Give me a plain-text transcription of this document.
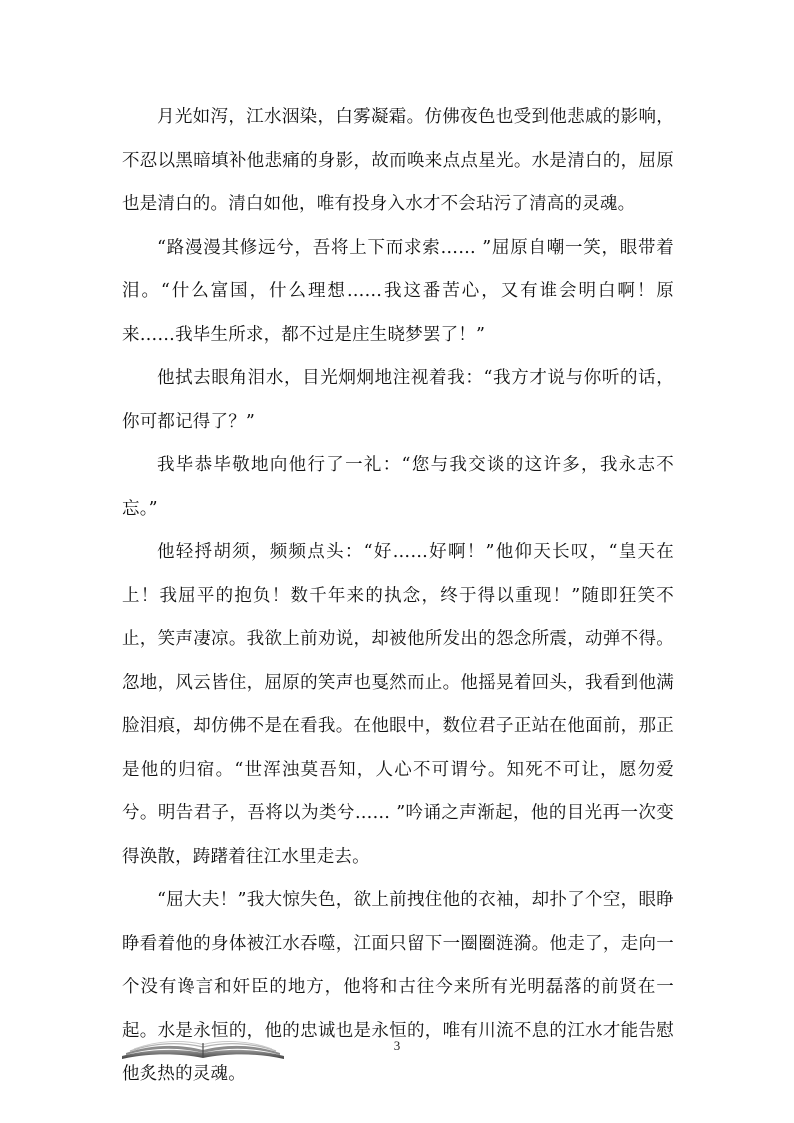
月光如泻，江水洇染，白雾凝霜。仿佛夜色也受到他悲戚的影响，不忍以黑暗填补他悲痛的身影，故而唤来点点星光。水是清白的，屈原也是清白的。清白如他，唯有投身入水才不会玷污了清高的灵魂。

“路漫漫其修远兮，吾将上下而求索…… ”屈原自嘲一笑，眼带着泪。“什么富国，什么理想……我这番苦心，又有谁会明白啊！原来……我毕生所求，都不过是庄生晓梦罢了！”

他拭去眼角泪水，目光炯炯地注视着我：“我方才说与你听的话，你可都记得了？”

我毕恭毕敬地向他行了一礼：“您与我交谈的这许多，我永志不忘。”

他轻捋胡须，频频点头：“好……好啊！”他仰天长叹，“皇天在上！我屈平的抱负！数千年来的执念，终于得以重现！”随即狂笑不止，笑声凄凉。我欲上前劝说，却被他所发出的怨念所震，动弹不得。忽地，风云皆住，屈原的笑声也戛然而止。他摇晃着回头，我看到他满脸泪痕，却仿佛不是在看我。在他眼中，数位君子正站在他面前，那正是他的归宿。“世浑浊莫吾知，人心不可谓兮。知死不可让，愿勿爱兮。明告君子，吾将以为类兮…… ”吟诵之声渐起，他的目光再一次变得涣散，踌躇着往江水里走去。

“屈大夫！”我大惊失色，欲上前拽住他的衣袖，却扑了个空，眼睁睁看着他的身体被江水吞噬，江面只留下一圈圈涟漪。他走了，走向一个没有谗言和奸臣的地方，他将和古往今来所有光明磊落的前贤在一起。水是永恒的，他的忠诚也是永恒的，唯有川流不息的江水才能告慰他炙热的灵魂。

3
